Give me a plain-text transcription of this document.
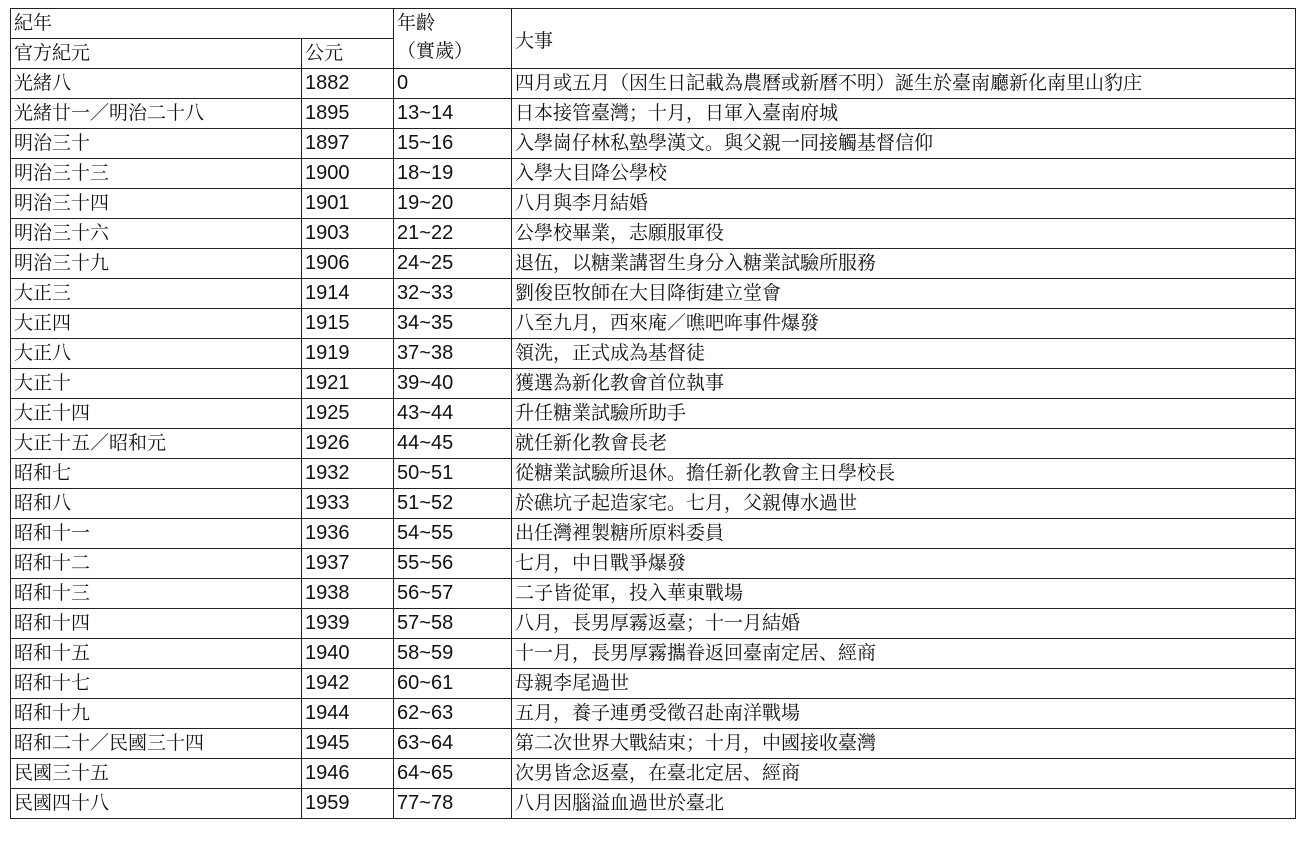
紀年		年齡
（實歲）	大事
官方紀元	公元		
光緒八	1882	0	四月或五月（因生日記載為農曆或新曆不明）誕生於臺南廳新化南里山豹庄
光緒廿一／明治二十八	1895	13~14	日本接管臺灣；十月，日軍入臺南府城
明治三十	1897	15~16	入學崗仔林私塾學漢文。與父親一同接觸基督信仰
明治三十三	1900	18~19	入學大目降公學校
明治三十四	1901	19~20	八月與李月結婚
明治三十六	1903	21~22	公學校畢業，志願服軍役
明治三十九	1906	24~25	退伍，以糖業講習生身分入糖業試驗所服務
大正三	1914	32~33	劉俊臣牧師在大目降街建立堂會
大正四	1915	34~35	八至九月，西來庵／噍吧哖事件爆發
大正八	1919	37~38	領洗，正式成為基督徒
大正十	1921	39~40	獲選為新化教會首位執事
大正十四	1925	43~44	升任糖業試驗所助手
大正十五／昭和元	1926	44~45	就任新化教會長老
昭和七	1932	50~51	從糖業試驗所退休。擔任新化教會主日學校長
昭和八	1933	51~52	於礁坑子起造家宅。七月，父親傳水過世
昭和十一	1936	54~55	出任灣裡製糖所原料委員
昭和十二	1937	55~56	七月，中日戰爭爆發
昭和十三	1938	56~57	二子皆從軍，投入華東戰場
昭和十四	1939	57~58	八月，長男厚霧返臺；十一月結婚
昭和十五	1940	58~59	十一月，長男厚霧攜眷返回臺南定居、經商
昭和十七	1942	60~61	母親李尾過世
昭和十九	1944	62~63	五月，養子連勇受徵召赴南洋戰場
昭和二十／民國三十四	1945	63~64	第二次世界大戰結束；十月，中國接收臺灣
民國三十五	1946	64~65	次男皆念返臺，在臺北定居、經商
民國四十八	1959	77~78	八月因腦溢血過世於臺北
